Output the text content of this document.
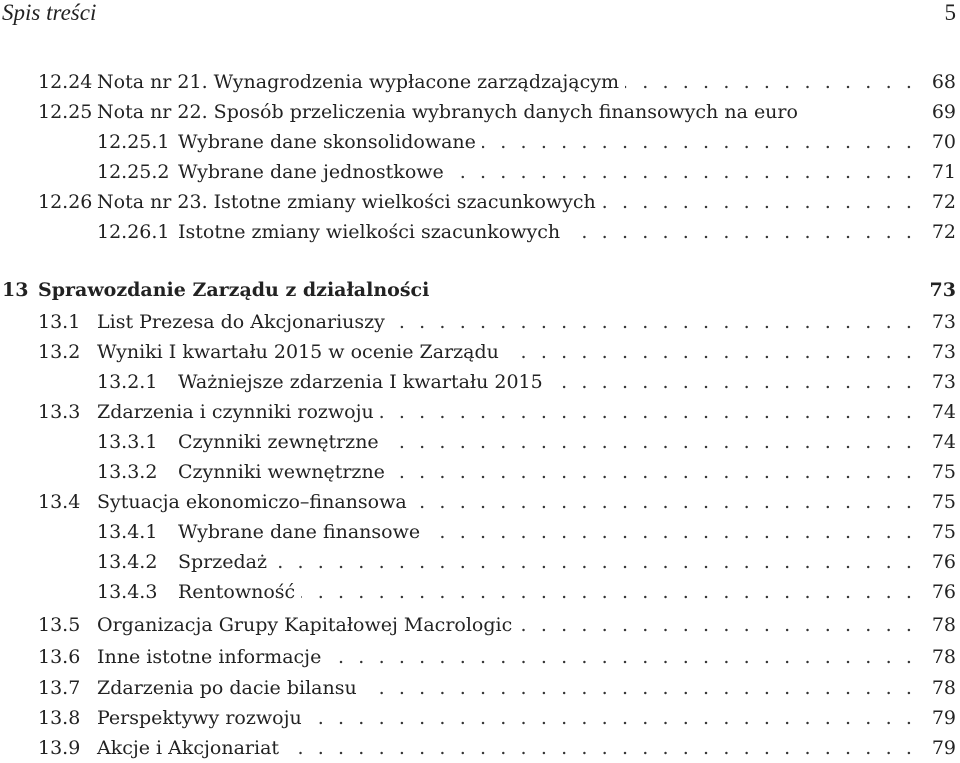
Spis treści	5
12.24 Nota nr 21. Wynagrodzenia wypłacone zarządzającym . . .	68
12.25 Nota nr 22. Sposób przeliczenia wybranych danych finansowych na euro	69
12.25.1 Wybrane dane skonsolidowane . . .	70
12.25.2 Wybrane dane jednostkowe . . .	71
12.26 Nota nr 23. Istotne zmiany wielkości szacunkowych . . .	72
12.26.1 Istotne zmiany wielkości szacunkowych . . .	72
13 Sprawozdanie Zarządu z działalności	73
13.1 List Prezesa do Akcjonariuszy . . .	73
13.2 Wyniki I kwartału 2015 w ocenie Zarządu . . .	73
13.2.1 Ważniejsze zdarzenia I kwartału 2015 . . .	73
13.3 Zdarzenia i czynniki rozwoju . . .	74
13.3.1 Czynniki zewnętrzne . . .	74
13.3.2 Czynniki wewnętrzne . . .	75
13.4 Sytuacja ekonomiczo–finansowa . . .	75
13.4.1 Wybrane dane finansowe . . .	75
13.4.2 Sprzedaż . . .	76
13.4.3 Rentowność . . .	76
13.5 Organizacja Grupy Kapitałowej Macrologic . . .	78
13.6 Inne istotne informacje . . .	78
13.7 Zdarzenia po dacie bilansu . . .	78
13.8 Perspektywy rozwoju . . .	79
13.9 Akcje i Akcjonariat . . .	79
